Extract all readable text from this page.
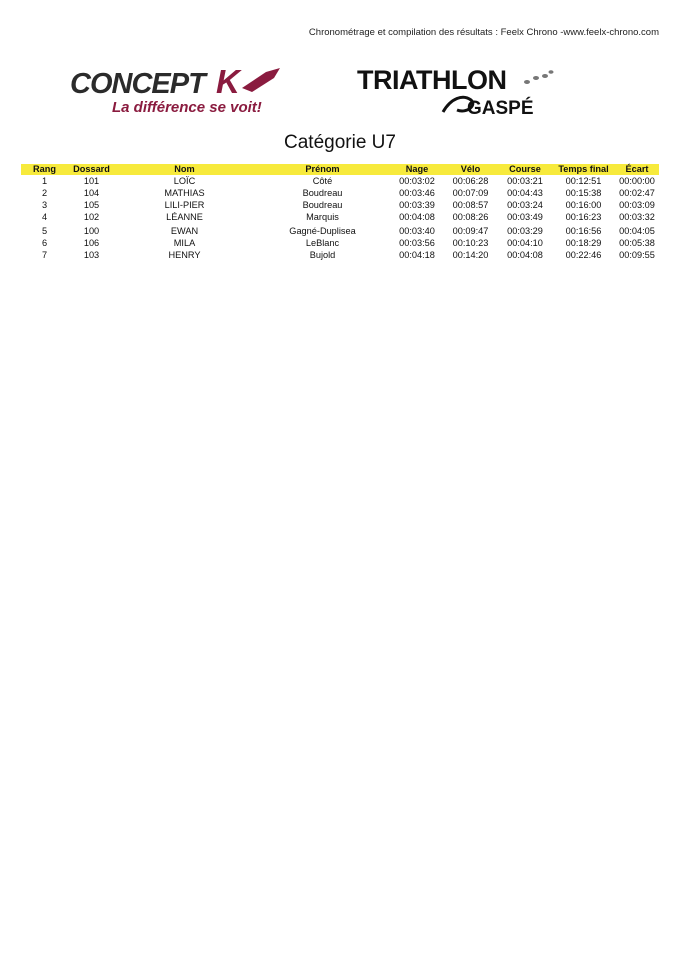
Chronométrage et compilation des résultats : Feelx Chrono -www.feelx-chrono.com
CONCEPT K
La différence se voit!
TRIATHLON
GASPÉ
Catégorie U7
Rang	Dossard	Nom	Prénom	Nage	Vélo	Course	Temps final	Écart
1	101	LOÏC	Côté	00:03:02	00:06:28	00:03:21	00:12:51	00:00:00
2	104	MATHIAS	Boudreau	00:03:46	00:07:09	00:04:43	00:15:38	00:02:47
3	105	LILI-PIER	Boudreau	00:03:39	00:08:57	00:03:24	00:16:00	00:03:09
4	102	LÉANNE	Marquis	00:04:08	00:08:26	00:03:49	00:16:23	00:03:32
5	100	EWAN	Gagné-Duplisea	00:03:40	00:09:47	00:03:29	00:16:56	00:04:05
6	106	MILA	LeBlanc	00:03:56	00:10:23	00:04:10	00:18:29	00:05:38
7	103	HENRY	Bujold	00:04:18	00:14:20	00:04:08	00:22:46	00:09:55
